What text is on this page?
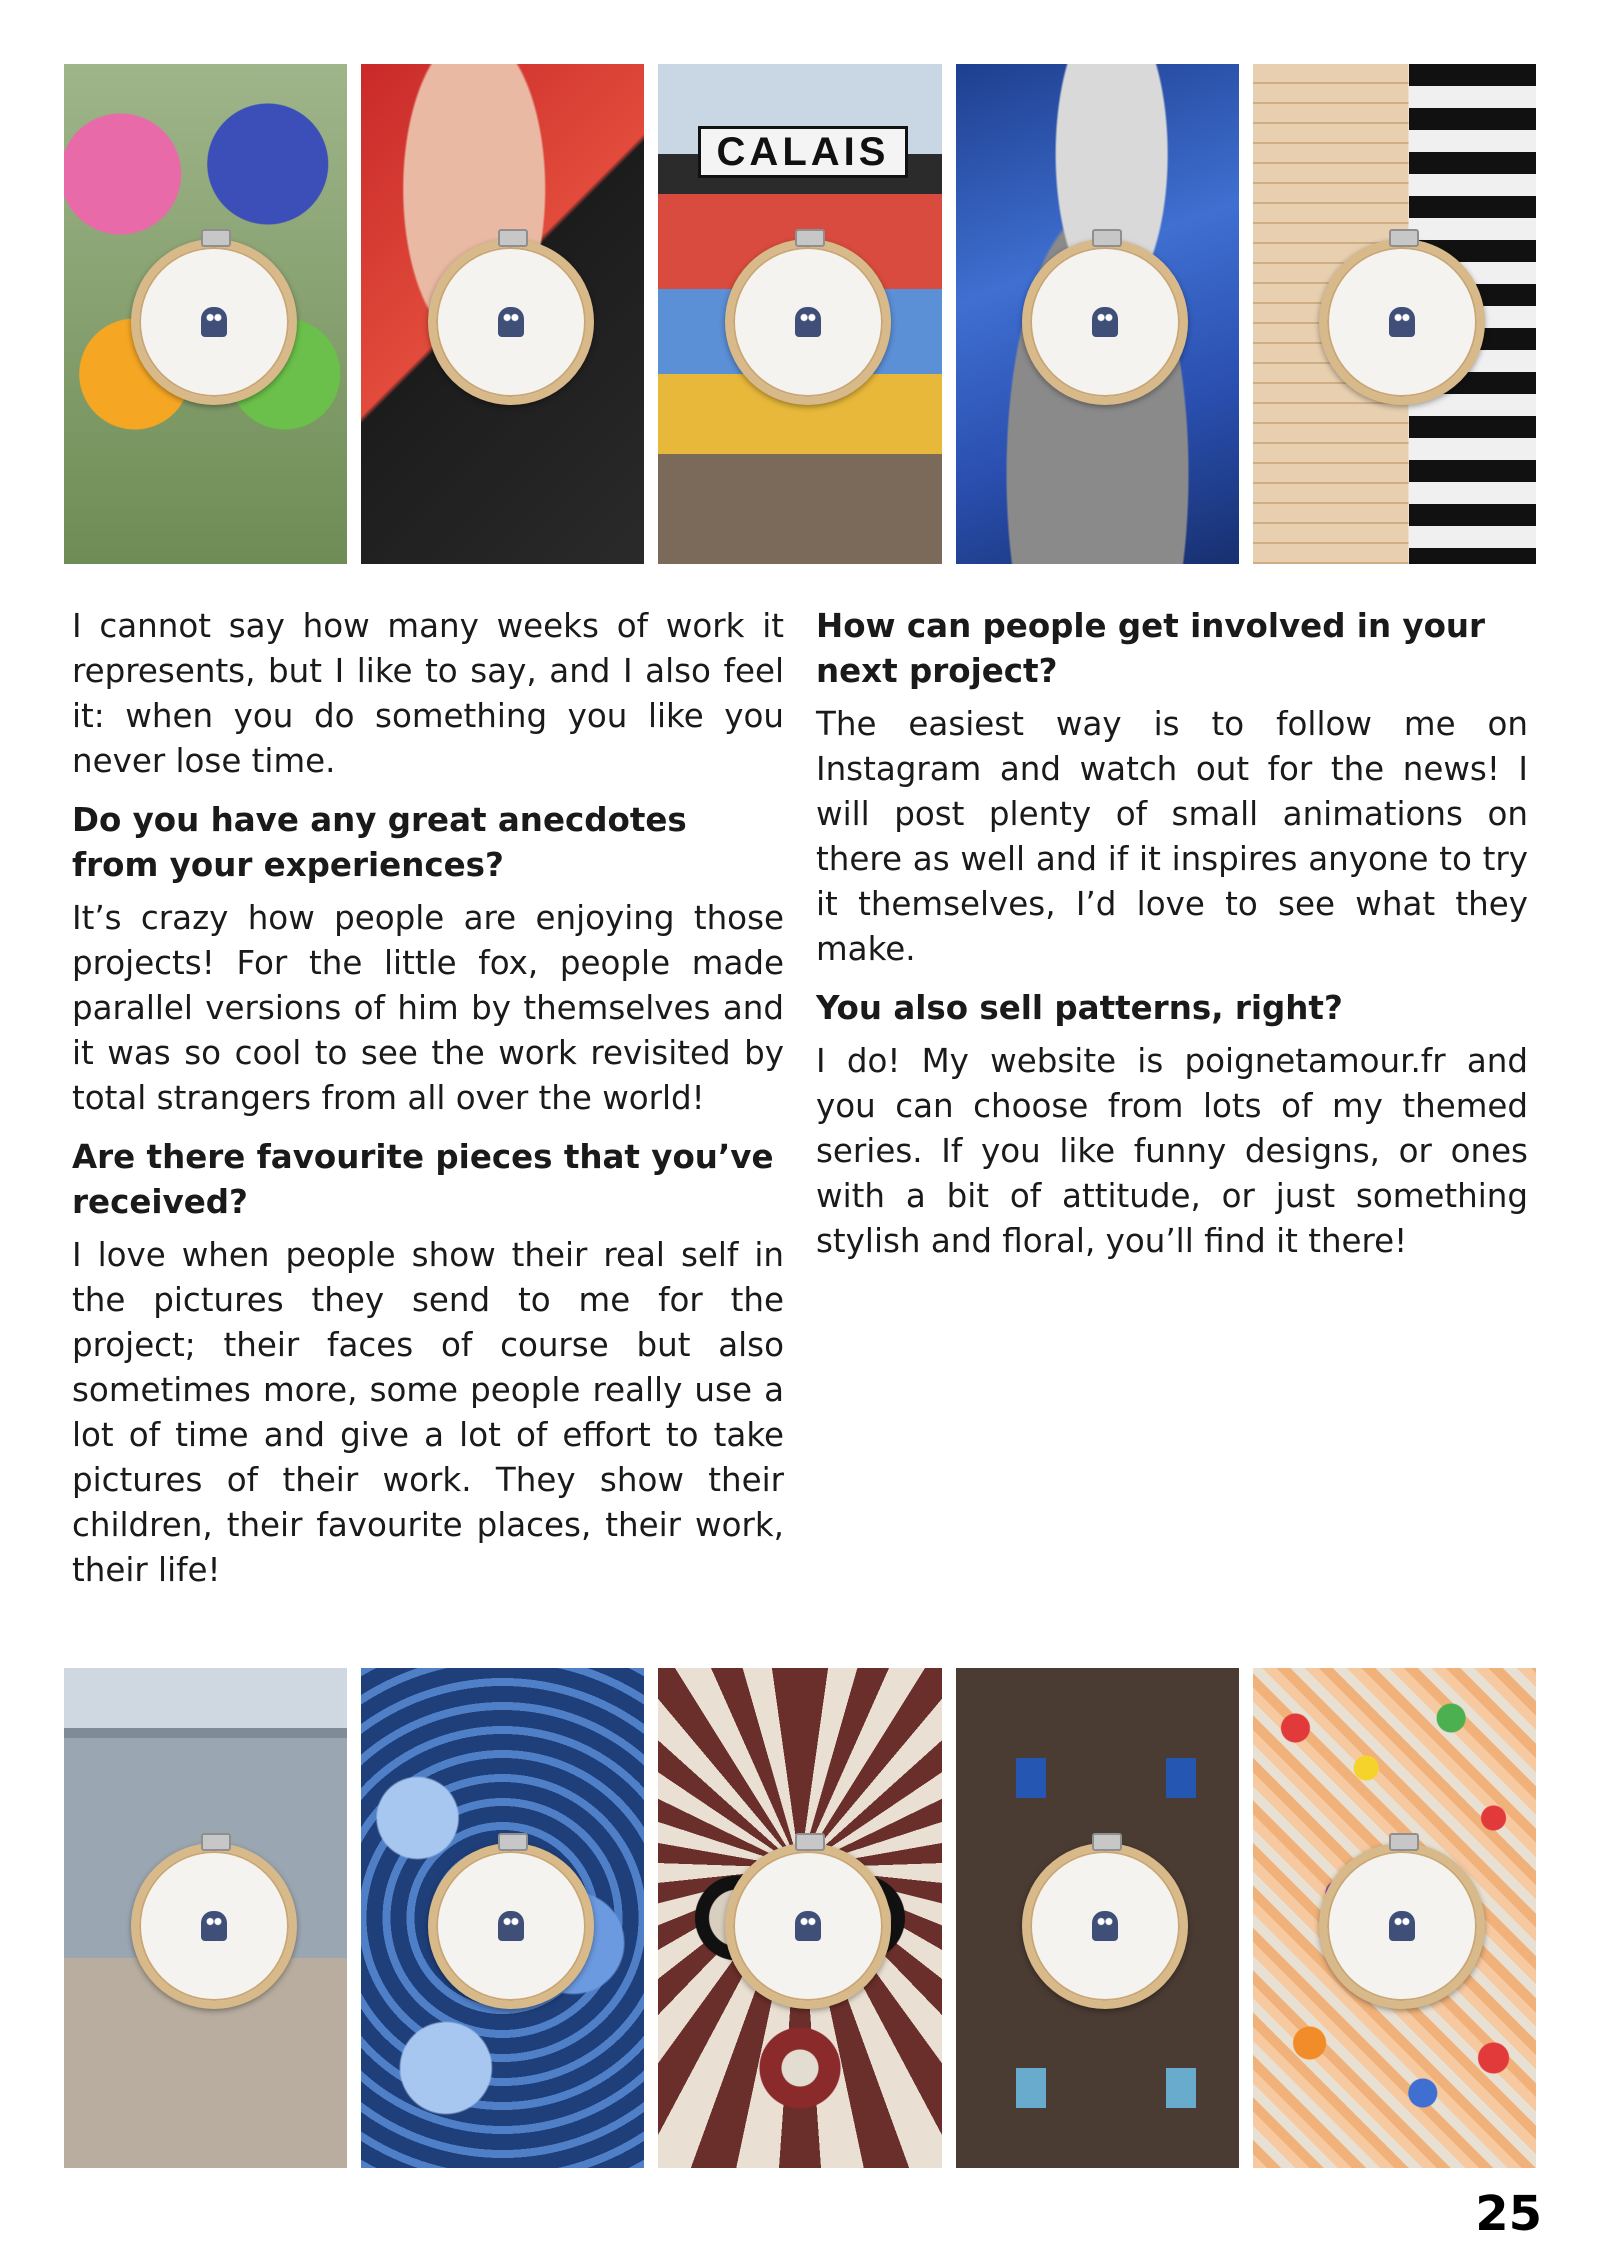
CALAIS

I cannot say how many weeks of work it represents, but I like to say, and I also feel it: when you do something you like you never lose time.

Do you have any great anecdotes from your experiences?

It’s crazy how people are enjoying those projects! For the little fox, people made parallel versions of him by themselves and it was so cool to see the work revisited by total strangers from all over the world!

Are there favourite pieces that you’ve received?

I love when people show their real self in the pictures they send to me for the project; their faces of course but also sometimes more, some people really use a lot of time and give a lot of effort to take pictures of their work. They show their children, their favourite places, their work, their life!

How can people get involved in your next project?

The easiest way is to follow me on Instagram and watch out for the news! I will post plenty of small animations on there as well and if it inspires anyone to try it themselves, I’d love to see what they make.

You also sell patterns, right?

I do! My website is poignetamour.fr and you can choose from lots of my themed series. If you like funny designs, or ones with a bit of attitude, or just something stylish and floral, you’ll find it there!

25
